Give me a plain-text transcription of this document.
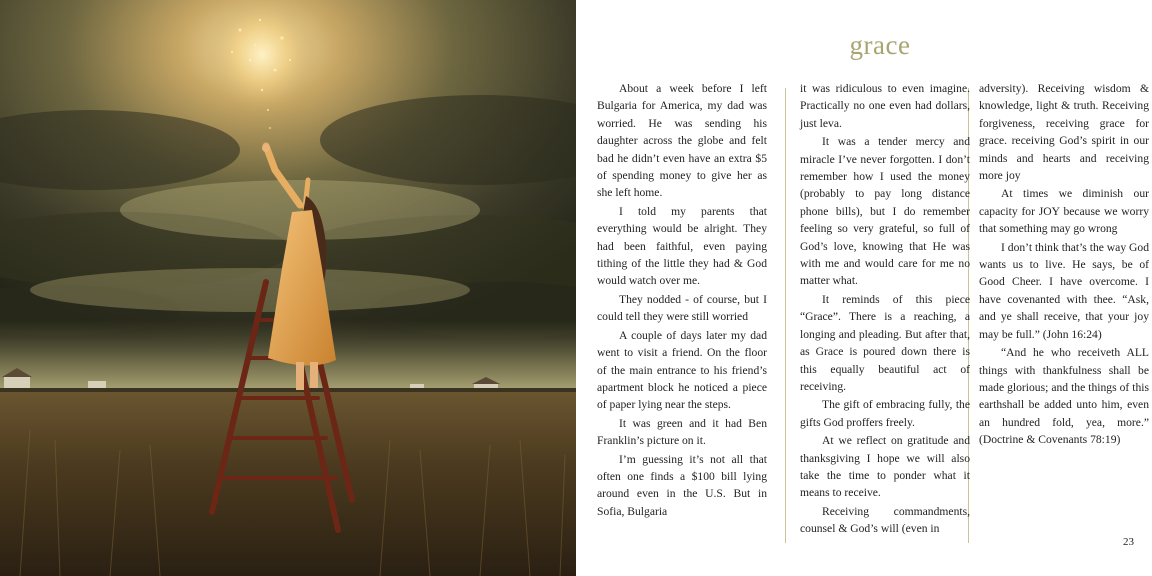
grace

About a week before I left Bulgaria for America, my dad was worried. He was sending his daughter across the globe and felt bad he didn’t even have an extra $5 of spending money to give her as she left home.

I told my parents that everything would be alright. They had been faithful, even paying tithing of the little they had & God would watch over me.

They nodded - of course, but I could tell they were still worried

A couple of days later my dad went to visit a friend. On the floor of the main entrance to his friend’s apartment block he noticed a piece of paper lying near the steps.

It was green and it had Ben Franklin’s picture on it.

I’m guessing it’s not all that often one finds a $100 bill lying around even in the U.S. But in Sofia, Bulgaria

it was ridiculous to even imagine. Practically no one even had dollars, just leva.

It was a tender mercy and miracle I’ve never forgotten. I don’t remember how I used the money (probably to pay long distance phone bills), but I do remember feeling so very grateful, so full of God’s love, knowing that He was with me and would care for me no matter what.

It reminds of this piece “Grace”. There is a reaching, a longing and pleading. But after that, as Grace is poured down there is this equally beautiful act of receiving.

The gift of embracing fully, the gifts God proffers freely.

At we reflect on gratitude and thanksgiving I hope we will also take the time to ponder what it means to receive.

Receiving commandments, counsel & God’s will (even in

adversity). Receiving wisdom & knowledge, light & truth. Receiving forgiveness, receiving grace for grace. receiving God’s spirit in our minds and hearts and receiving more joy

At times we diminish our capacity for JOY because we worry that something may go wrong

I don’t think that’s the way God wants us to live. He says, be of Good Cheer. I have overcome. I have covenanted with thee. “Ask, and ye shall receive, that your joy may be full.” (John 16:24)

“And he who receiveth ALL things with thankfulness shall be made glorious; and the things of this earthshall be added unto him, even an hundred fold, yea, more.” (Doctrine & Covenants 78:19)

23
